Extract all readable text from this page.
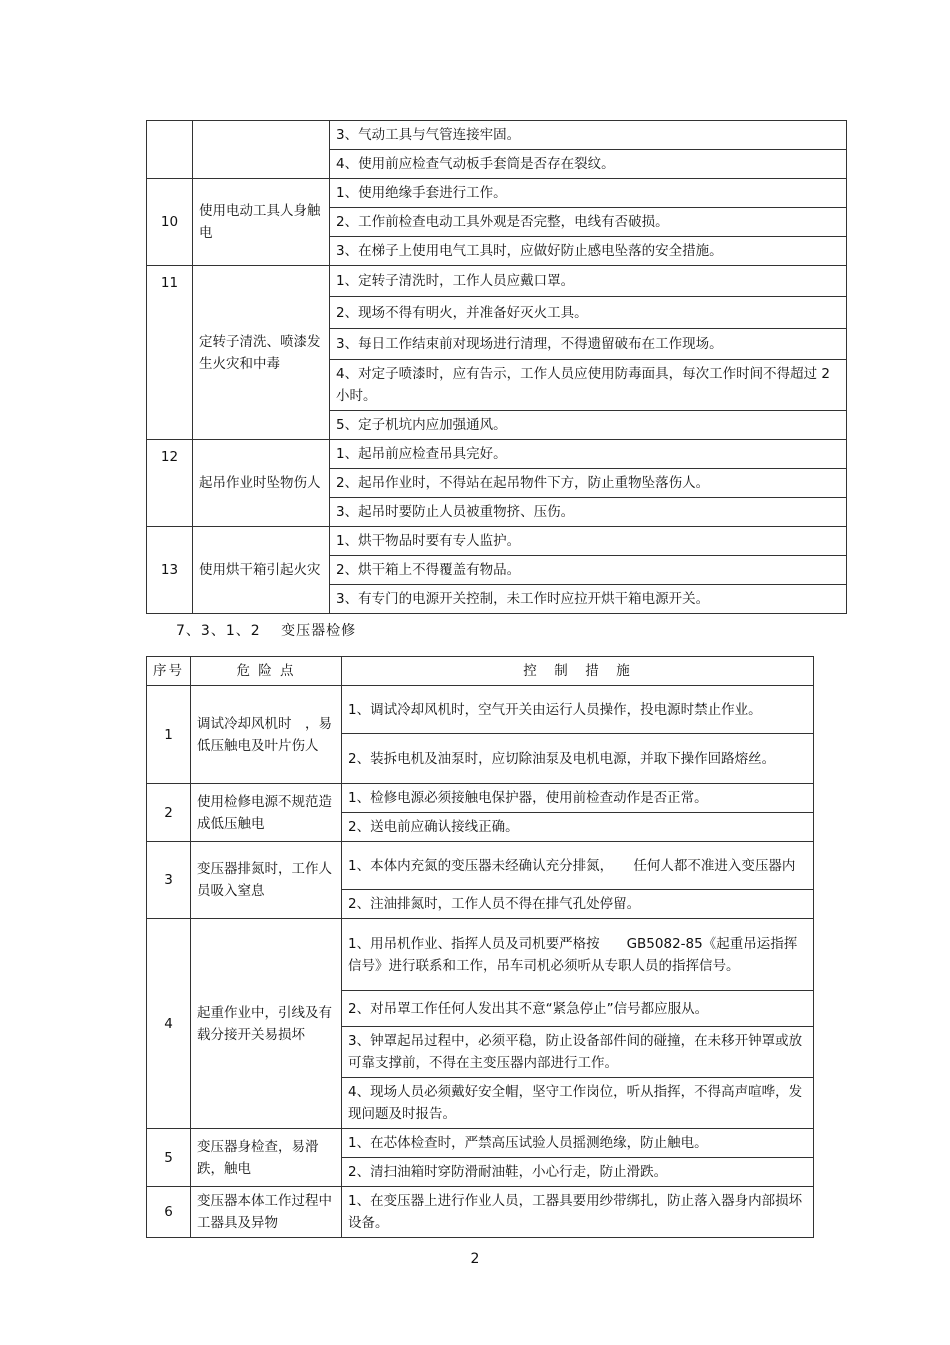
		3、气动工具与气管连接牢固。
		4、使用前应检查气动板手套筒是否存在裂纹。
10	使用电动工具人身触电	1、使用绝缘手套进行工作。
		2、工作前检查电动工具外观是否完整，电线有否破损。
		3、在梯子上使用电气工具时，应做好防止感电坠落的安全措施。
11	定转子清洗、喷漆发生火灾和中毒	1、定转子清洗时，工作人员应戴口罩。
		2、现场不得有明火，并准备好灭火工具。
		3、每日工作结束前对现场进行清理，不得遗留破布在工作现场。
		4、对定子喷漆时，应有告示，工作人员应使用防毒面具，每次工作时间不得超过 2 小时。
		5、定子机坑内应加强通风。
12	起吊作业时坠物伤人	1、起吊前应检查吊具完好。
		2、起吊作业时，不得站在起吊物件下方，防止重物坠落伤人。
		3、起吊时要防止人员被重物挤、压伤。
13	使用烘干箱引起火灾	1、烘干物品时要有专人监护。
		2、烘干箱上不得覆盖有物品。
		3、有专门的电源开关控制，未工作时应拉开烘干箱电源开关。
7、3、1、2　 变压器检修
序号	危 险 点	控　制　措　施
1	调试冷却风机时　，易低压触电及叶片伤人	1、调试冷却风机时，空气开关由运行人员操作，投电源时禁止作业。
		2、装拆电机及油泵时，应切除油泵及电机电源，并取下操作回路熔丝。
2	使用检修电源不规范造成低压触电	1、检修电源必须接触电保护器，使用前检查动作是否正常。
		2、送电前应确认接线正确。
3	变压器排氮时，工作人员吸入窒息	1、本体内充氮的变压器未经确认充分排氮，　　任何人都不准进入变压器内
		2、注油排氮时，工作人员不得在排气孔处停留。
4	起重作业中，引线及有载分接开关易损坏	1、用吊机作业、指挥人员及司机要严格按　　GB5082-85《起重吊运指挥信号》进行联系和工作，吊车司机必须听从专职人员的指挥信号。
		2、对吊罩工作任何人发出其不意“紧急停止”信号都应服从。
		3、钟罩起吊过程中，必须平稳，防止设备部件间的碰撞，在未移开钟罩或放可靠支撑前，不得在主变压器内部进行工作。
		4、现场人员必须戴好安全帽，坚守工作岗位，听从指挥，不得高声喧哗，发现问题及时报告。
5	变压器身检查，易滑跌，触电	1、在芯体检查时，严禁高压试验人员摇测绝缘，防止触电。
		2、清扫油箱时穿防滑耐油鞋，小心行走，防止滑跌。
6	变压器本体工作过程中工器具及异物	1、在变压器上进行作业人员，工器具要用纱带绑扎，防止落入器身内部损坏设备。
2
